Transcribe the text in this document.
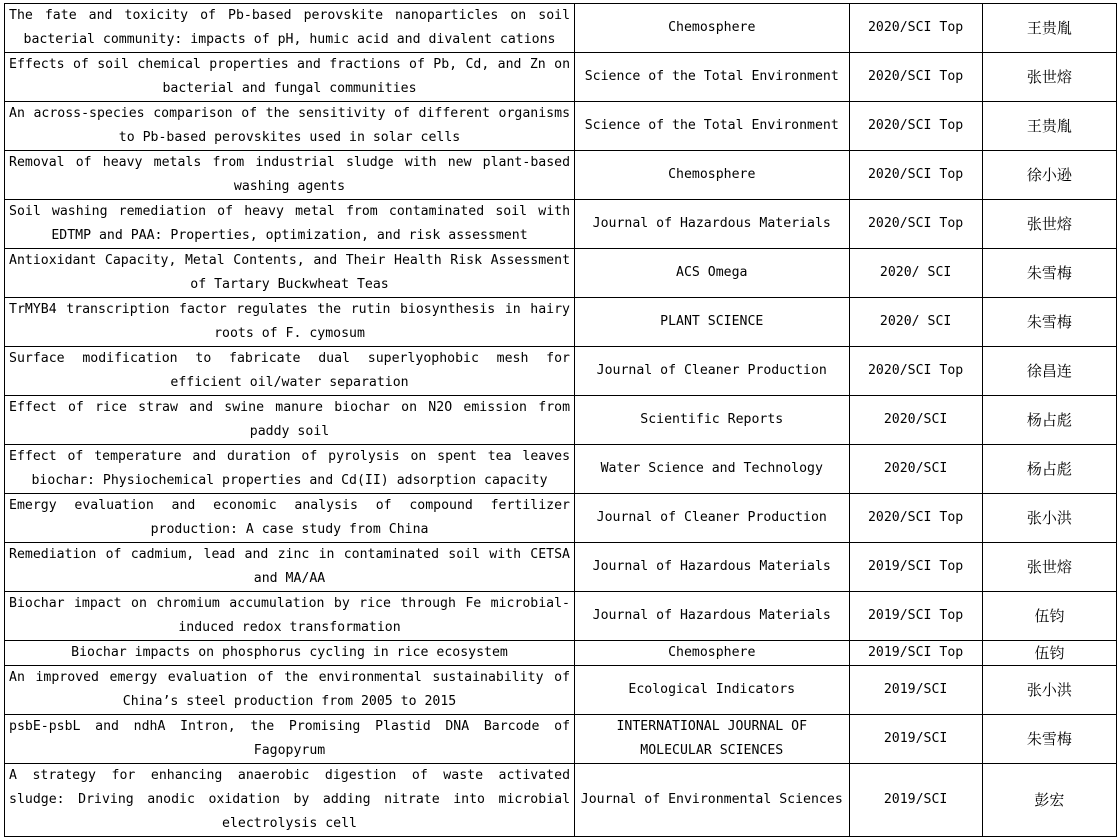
The fate and toxicity of Pb-based perovskite nanoparticles on soil bacterial community: impacts of pH, humic acid and divalent cations	Chemosphere	2020/SCI Top	王贵胤
Effects of soil chemical properties and fractions of Pb, Cd, and Zn on bacterial and fungal communities	Science of the Total Environment	2020/SCI Top	张世熔
An across-species comparison of the sensitivity of different organisms to Pb-based perovskites used in solar cells	Science of the Total Environment	2020/SCI Top	王贵胤
Removal of heavy metals from industrial sludge with new plant-based washing agents	Chemosphere	2020/SCI Top	徐小逊
Soil washing remediation of heavy metal from contaminated soil with EDTMP and PAA: Properties, optimization, and risk assessment	Journal of Hazardous Materials	2020/SCI Top	张世熔
Antioxidant Capacity, Metal Contents, and Their Health Risk Assessment of Tartary Buckwheat Teas	ACS Omega	2020/ SCI	朱雪梅
TrMYB4 transcription factor regulates the rutin biosynthesis in hairy roots of F. cymosum	PLANT SCIENCE	2020/ SCI	朱雪梅
Surface modification to fabricate dual superlyophobic mesh for efficient oil/water separation	Journal of Cleaner Production	2020/SCI Top	徐昌连
Effect of rice straw and swine manure biochar on N2O emission from paddy soil	Scientific Reports	2020/SCI	杨占彪
Effect of temperature and duration of pyrolysis on spent tea leaves biochar: Physiochemical properties and Cd(II) adsorption capacity	Water Science and Technology	2020/SCI	杨占彪
Emergy evaluation and economic analysis of compound fertilizer production: A case study from China	Journal of Cleaner Production	2020/SCI Top	张小洪
Remediation of cadmium, lead and zinc in contaminated soil with CETSA and MA/AA	Journal of Hazardous Materials	2019/SCI Top	张世熔
Biochar impact on chromium accumulation by rice through Fe microbial-induced redox transformation	Journal of Hazardous Materials	2019/SCI Top	伍钧
Biochar impacts on phosphorus cycling in rice ecosystem	Chemosphere	2019/SCI Top	伍钧
An improved emergy evaluation of the environmental sustainability of China’s steel production from 2005 to 2015	Ecological Indicators	2019/SCI	张小洪
psbE-psbL and ndhA Intron, the Promising Plastid DNA Barcode of Fagopyrum	INTERNATIONAL JOURNAL OF MOLECULAR SCIENCES	2019/SCI	朱雪梅
A strategy for enhancing anaerobic digestion of waste activated sludge: Driving anodic oxidation by adding nitrate into microbial electrolysis cell	Journal of Environmental Sciences	2019/SCI	彭宏
